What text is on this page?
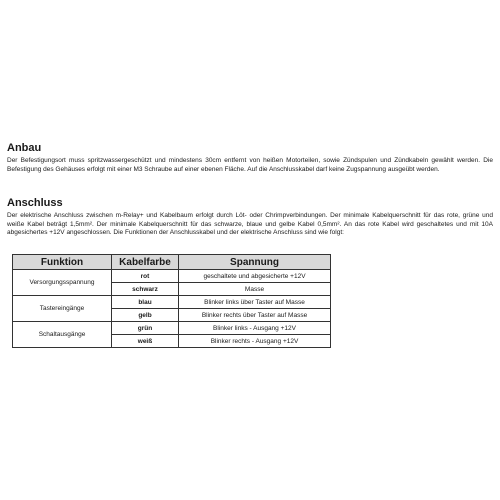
Anbau

Der Befestigungsort muss spritzwassergeschützt und mindestens 30cm entfernt von heißen Motorteilen, sowie Zündspulen und Zündkabeln gewählt werden. Die Befestigung des Gehäuses erfolgt mit einer M3 Schraube auf einer ebenen Fläche. Auf die Anschlusskabel darf keine Zugspannung ausgeübt werden.

Anschluss

Der elektrische Anschluss zwischen m-Relay+ und Kabelbaum erfolgt durch Löt- oder Chrimpverbindungen. Der minimale Kabelquerschnitt für das rote, grüne und weiße Kabel beträgt 1,5mm². Der minimale Kabelquerschnitt für das schwarze, blaue und gelbe Kabel 0,5mm². An das rote Kabel wird geschaltetes und mit 10A abgesichertes +12V angeschlossen. Die Funktionen der Anschlusskabel und der elektrische Anschluss sind wie folgt:

Funktion	Kabelfarbe	Spannung
Versorgungsspannung	rot	geschaltete und abgesicherte +12V
	schwarz	Masse
Tastereingänge	blau	Blinker links über Taster auf Masse
	gelb	Blinker rechts über Taster auf Masse
Schaltausgänge	grün	Blinker links - Ausgang +12V
	weiß	Blinker rechts - Ausgang +12V
